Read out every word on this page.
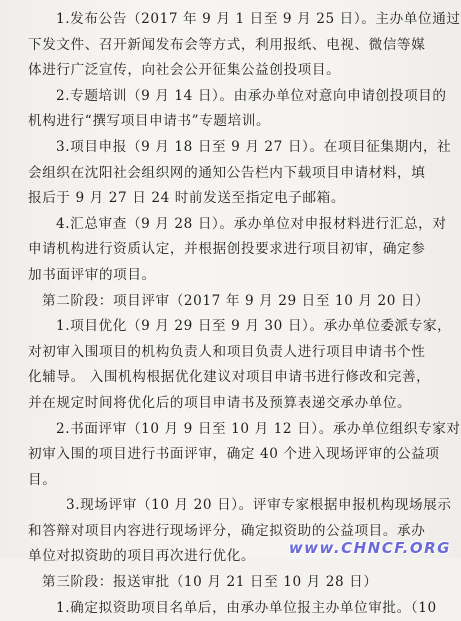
1.发布公告（2017 年 9 月 1 日至 9 月 25 日）。主办单位通过

下发文件、召开新闻发布会等方式，利用报纸、电视、微信等媒

体进行广泛宣传，向社会公开征集公益创投项目。

2.专题培训（9 月 14 日）。由承办单位对意向申请创投项目的

机构进行“撰写项目申请书”专题培训。

3.项目申报（9 月 18 日至 9 月 27 日）。在项目征集期内，社

会组织在沈阳社会组织网的通知公告栏内下载项目申请材料，填

报后于 9 月 27 日 24 时前发送至指定电子邮箱。

4.汇总审查（9 月 28 日）。承办单位对申报材料进行汇总，对

申请机构进行资质认定，并根据创投要求进行项目初审，确定参

加书面评审的项目。

第二阶段：项目评审（2017 年 9 月 29 日至 10 月 20 日）

1.项目优化（9 月 29 日至 9 月 30 日）。承办单位委派专家，

对初审入围项目的机构负责人和项目负责人进行项目申请书个性

化辅导。 入围机构根据优化建议对项目申请书进行修改和完善，

并在规定时间将优化后的项目申请书及预算表递交承办单位。

2.书面评审（10 月 9 日至 10 月 12 日）。承办单位组织专家对

初审入围的项目进行书面评审，确定 40 个进入现场评审的公益项

目。

3.现场评审（10 月 20 日）。评审专家根据申报机构现场展示

和答辩对项目内容进行现场评分，确定拟资助的公益项目。承办

单位对拟资助的项目再次进行优化。

第三阶段：报送审批（10 月 21 日至 10 月 28 日）

1.确定拟资助项目名单后，由承办单位报主办单位审批。（10

www.CHNCF.ORG
